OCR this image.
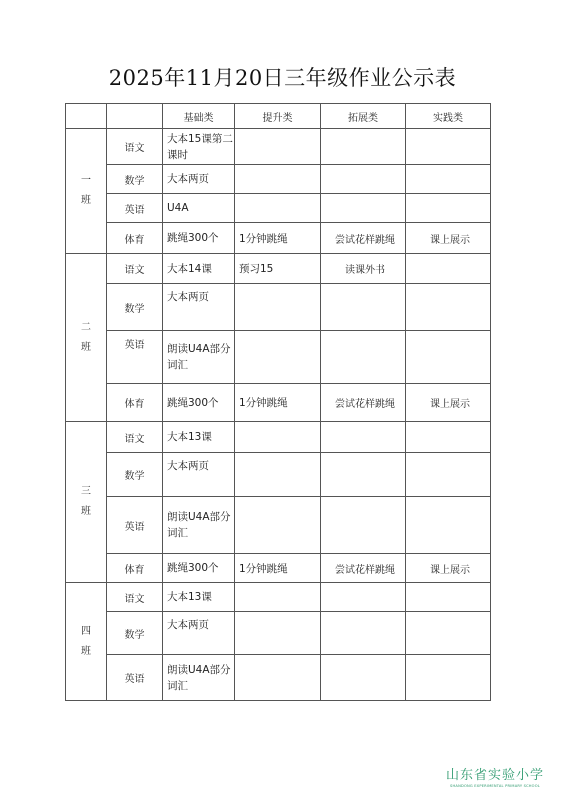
2025年11月20日三年级作业公示表
		基础类	提升类	拓展类	实践类
一
班	语文	大本15课第二课时			
	数学	大本两页			
	英语	U4A			
	体育	跳绳300个	1分钟跳绳	尝试花样跳绳	课上展示
二
班	语文	大本14课	预习15	读课外书	
	数学	大本两页			
	英语	朗读U4A部分词汇			
	体育	跳绳300个	1分钟跳绳	尝试花样跳绳	课上展示
三
班	语文	大本13课			
	数学	大本两页			
	英语	朗读U4A部分词汇			
	体育	跳绳300个	1分钟跳绳	尝试花样跳绳	课上展示
四
班	语文	大本13课			
	数学	大本两页			
	英语	朗读U4A部分词汇			
山东省实验小学
SHANDONG EXPERIMENTAL PRIMARY SCHOOL
